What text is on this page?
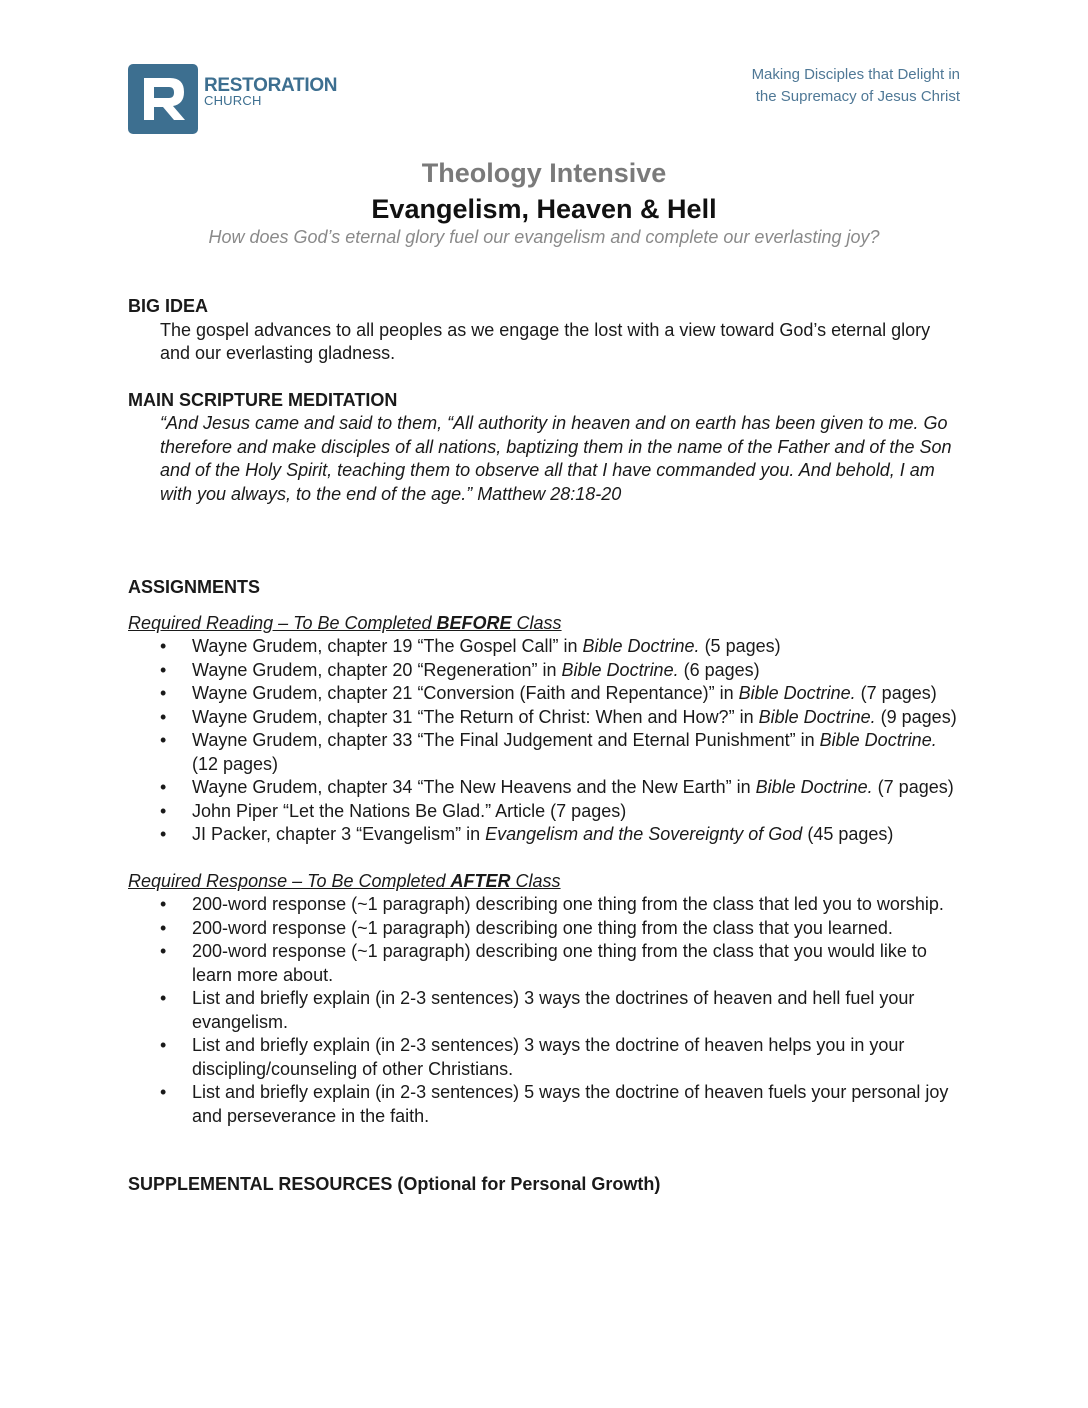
RESTORATION
CHURCH
Making Disciples that Delight in
the Supremacy of Jesus Christ
Theology Intensive
Evangelism, Heaven & Hell
How does God’s eternal glory fuel our evangelism and complete our everlasting joy?
BIG IDEA
The gospel advances to all peoples as we engage the lost with a view toward God’s eternal glory and our everlasting gladness.
MAIN SCRIPTURE MEDITATION
“And Jesus came and said to them, “All authority in heaven and on earth has been given to me. Go therefore and make disciples of all nations, baptizing them in the name of the Father and of the Son and of the Holy Spirit, teaching them to observe all that I have commanded you. And behold, I am with you always, to the end of the age.” Matthew 28:18-20
ASSIGNMENTS
Required Reading – To Be Completed BEFORE Class
• Wayne Grudem, chapter 19 “The Gospel Call” in Bible Doctrine. (5 pages)
• Wayne Grudem, chapter 20 “Regeneration” in Bible Doctrine. (6 pages)
• Wayne Grudem, chapter 21 “Conversion (Faith and Repentance)” in Bible Doctrine. (7 pages)
• Wayne Grudem, chapter 31 “The Return of Christ: When and How?” in Bible Doctrine. (9 pages)
• Wayne Grudem, chapter 33 “The Final Judgement and Eternal Punishment” in Bible Doctrine. (12 pages)
• Wayne Grudem, chapter 34 “The New Heavens and the New Earth” in Bible Doctrine. (7 pages)
• John Piper “Let the Nations Be Glad.” Article (7 pages)
• JI Packer, chapter 3 “Evangelism” in Evangelism and the Sovereignty of God (45 pages)
Required Response – To Be Completed AFTER Class
• 200-word response (~1 paragraph) describing one thing from the class that led you to worship.
• 200-word response (~1 paragraph) describing one thing from the class that you learned.
• 200-word response (~1 paragraph) describing one thing from the class that you would like to learn more about.
• List and briefly explain (in 2-3 sentences) 3 ways the doctrines of heaven and hell fuel your evangelism.
• List and briefly explain (in 2-3 sentences) 3 ways the doctrine of heaven helps you in your discipling/counseling of other Christians.
• List and briefly explain (in 2-3 sentences) 5 ways the doctrine of heaven fuels your personal joy and perseverance in the faith.
SUPPLEMENTAL RESOURCES (Optional for Personal Growth)
